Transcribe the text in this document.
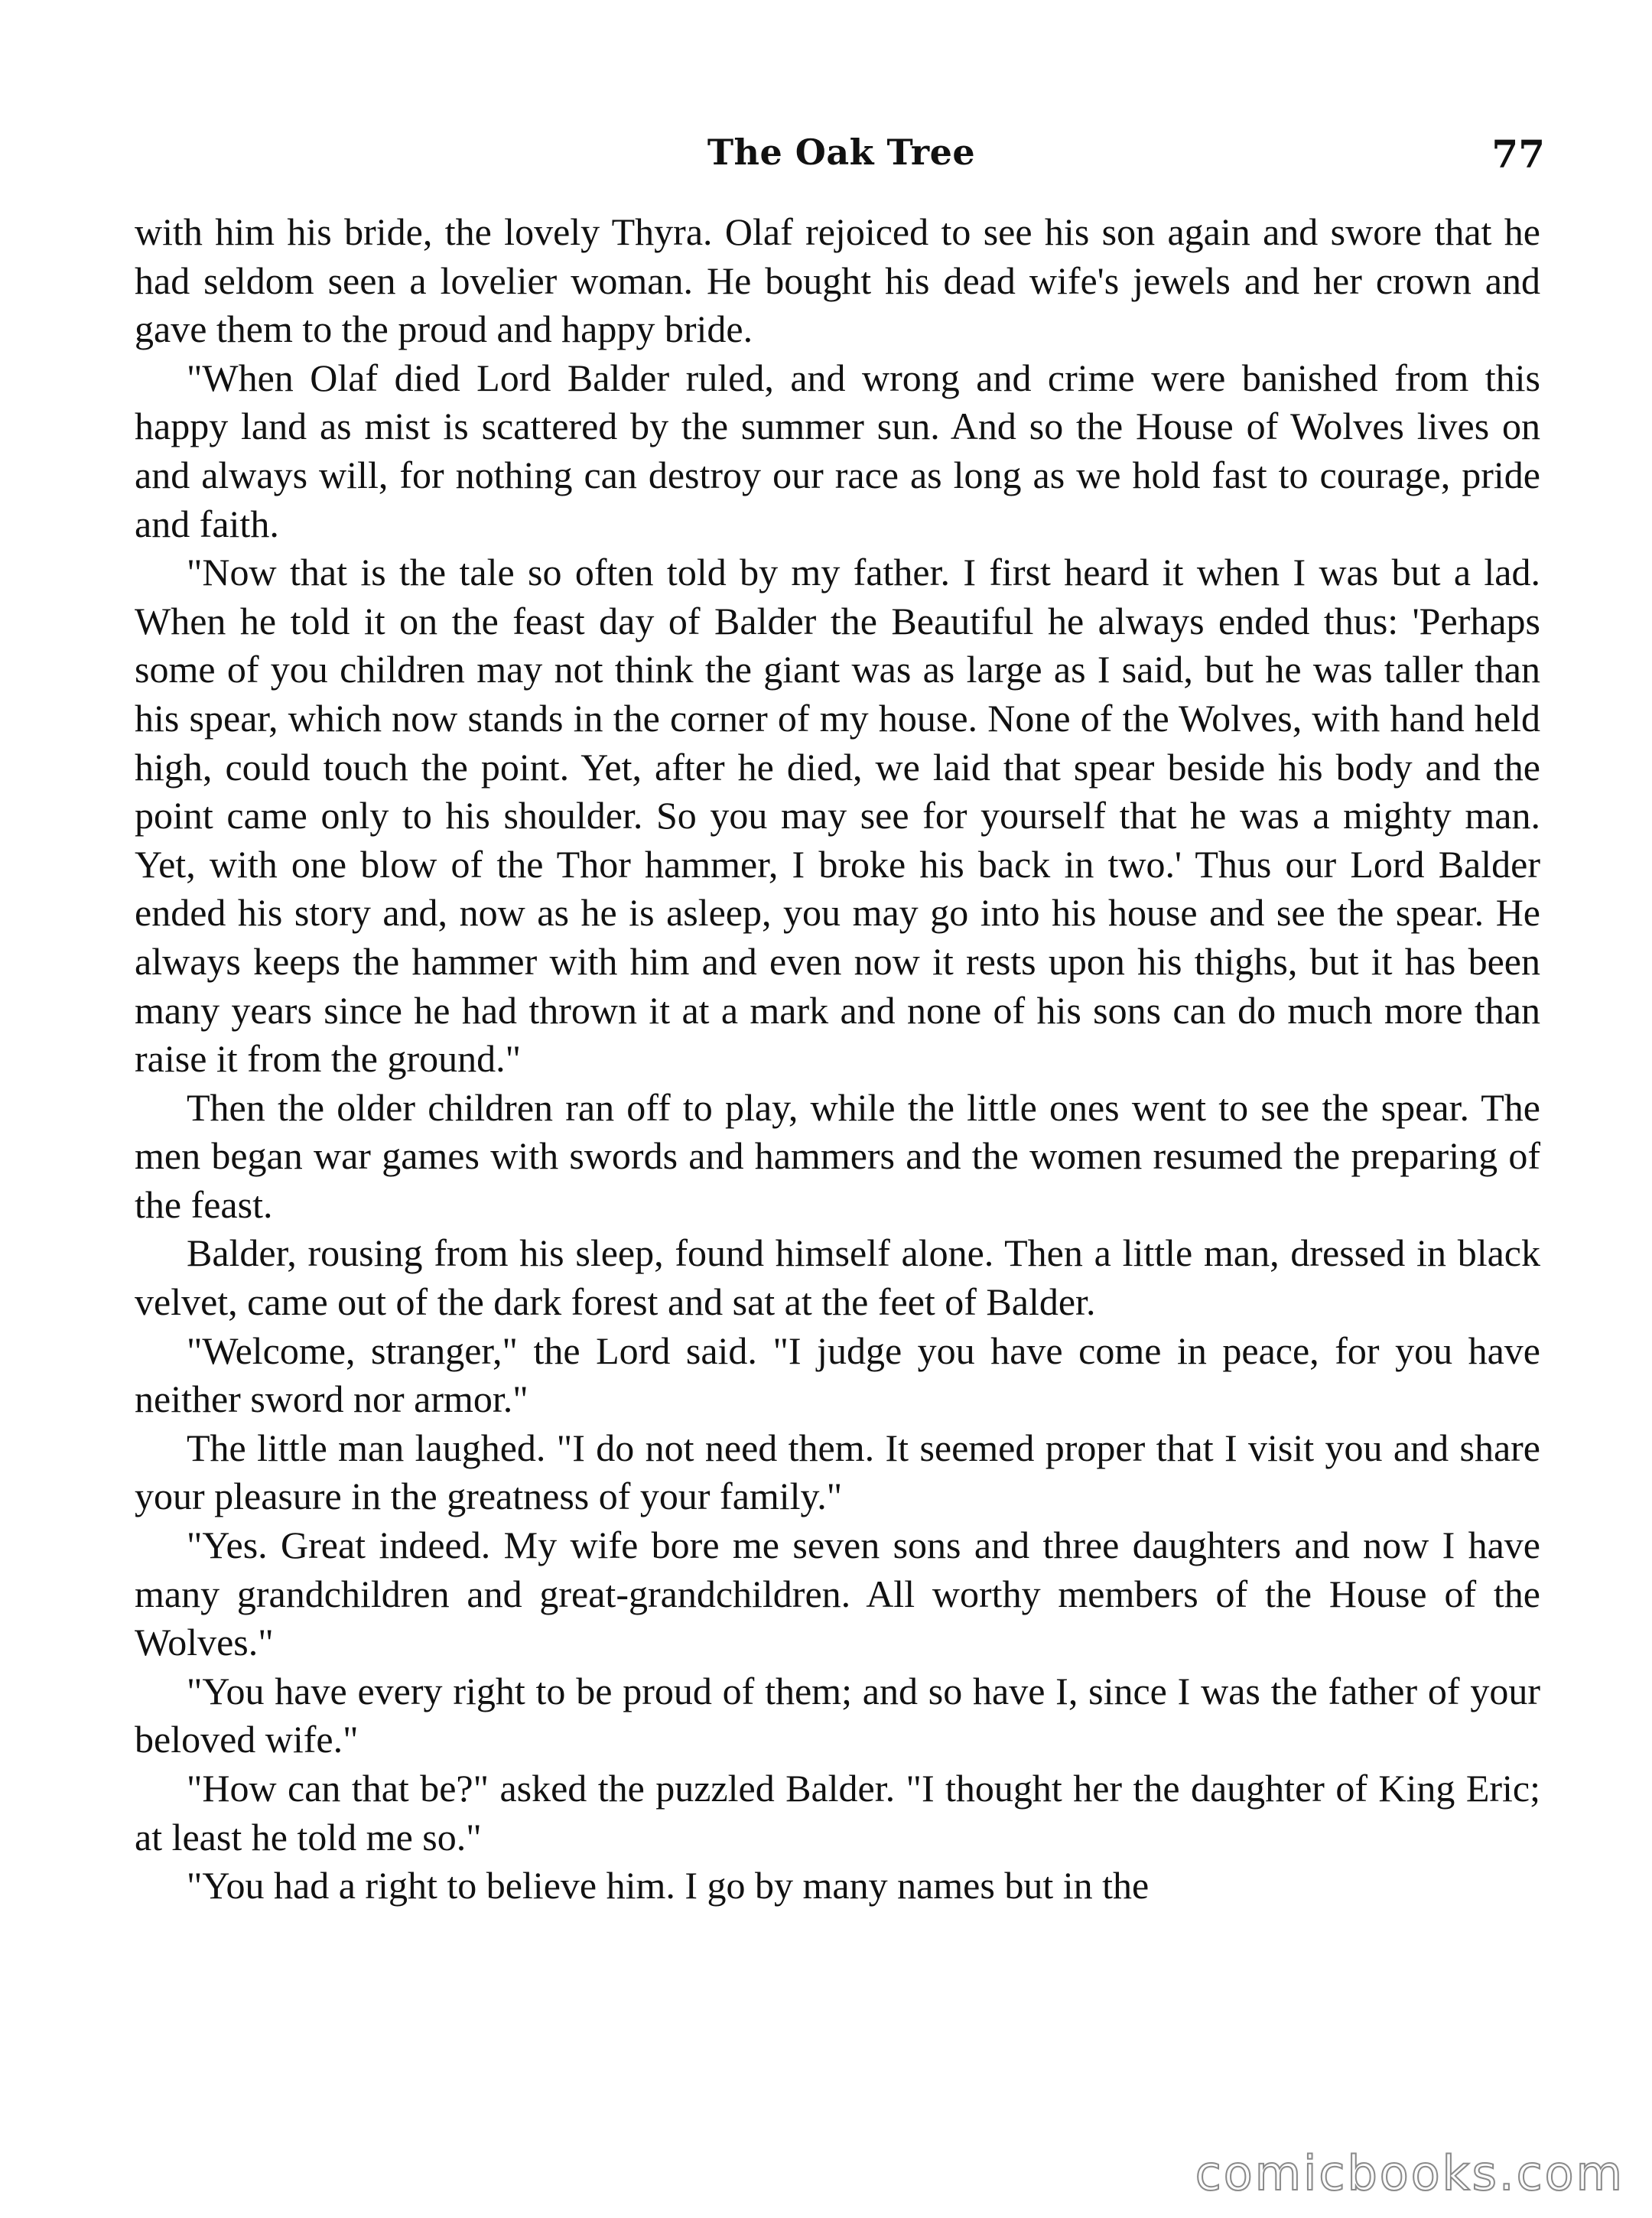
The Oak Tree	77

with him his bride, the lovely Thyra. Olaf rejoiced to see his son again and swore that he had seldom seen a lovelier woman. He bought his dead wife's jewels and her crown and gave them to the proud and happy bride.

"When Olaf died Lord Balder ruled, and wrong and crime were banished from this happy land as mist is scattered by the summer sun. And so the House of Wolves lives on and always will, for nothing can destroy our race as long as we hold fast to courage, pride and faith.

"Now that is the tale so often told by my father. I first heard it when I was but a lad. When he told it on the feast day of Balder the Beautiful he always ended thus: 'Perhaps some of you children may not think the giant was as large as I said, but he was taller than his spear, which now stands in the corner of my house. None of the Wolves, with hand held high, could touch the point. Yet, after he died, we laid that spear beside his body and the point came only to his shoulder. So you may see for yourself that he was a mighty man. Yet, with one blow of the Thor hammer, I broke his back in two.' Thus our Lord Balder ended his story and, now as he is asleep, you may go into his house and see the spear. He always keeps the hammer with him and even now it rests upon his thighs, but it has been many years since he had thrown it at a mark and none of his sons can do much more than raise it from the ground."

Then the older children ran off to play, while the little ones went to see the spear. The men began war games with swords and hammers and the women resumed the preparing of the feast.

Balder, rousing from his sleep, found himself alone. Then a little man, dressed in black velvet, came out of the dark forest and sat at the feet of Balder.

"Welcome, stranger," the Lord said. "I judge you have come in peace, for you have neither sword nor armor."

The little man laughed. "I do not need them. It seemed proper that I visit you and share your pleasure in the greatness of your family."

"Yes. Great indeed. My wife bore me seven sons and three daughters and now I have many grandchildren and great-grandchildren. All worthy members of the House of the Wolves."

"You have every right to be proud of them; and so have I, since I was the father of your beloved wife."

"How can that be?" asked the puzzled Balder. "I thought her the daughter of King Eric; at least he told me so."

"You had a right to believe him. I go by many names but in the

comicbooks.com
